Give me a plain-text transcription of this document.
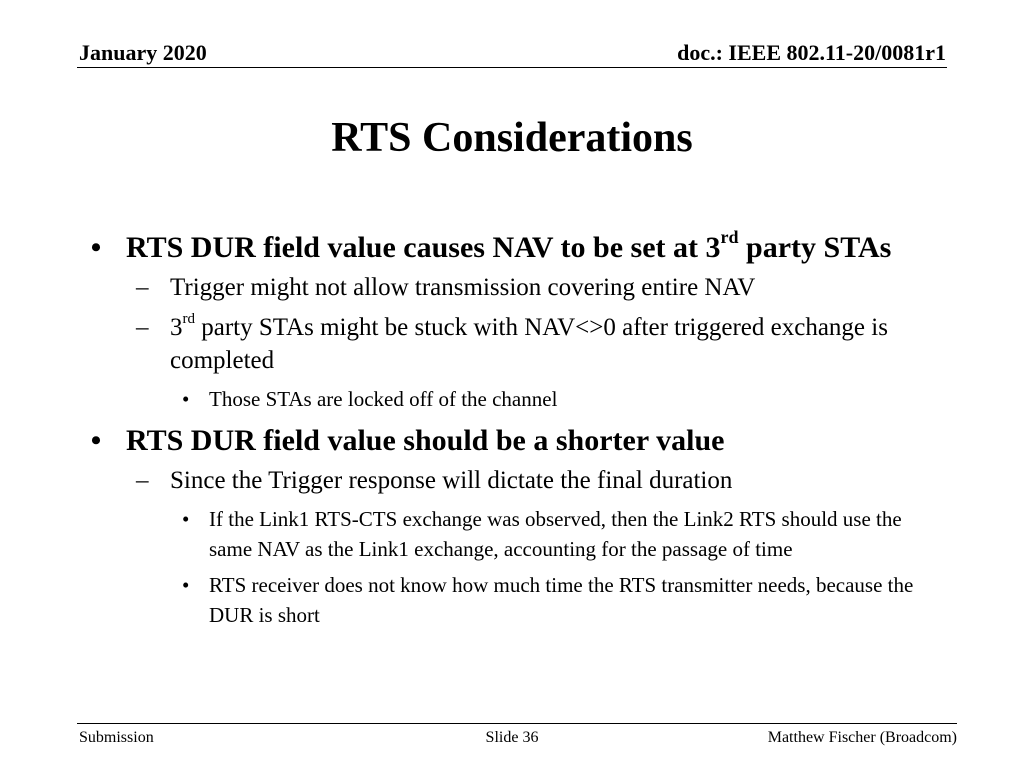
January 2020	doc.: IEEE 802.11-20/0081r1
RTS Considerations
• RTS DUR field value causes NAV to be set at 3rd party STAs
– Trigger might not allow transmission covering entire NAV
– 3rd party STAs might be stuck with NAV<>0 after triggered exchange is completed
• Those STAs are locked off of the channel
• RTS DUR field value should be a shorter value
– Since the Trigger response will dictate the final duration
• If the Link1 RTS-CTS exchange was observed, then the Link2 RTS should use the same NAV as the Link1 exchange, accounting for the passage of time
• RTS receiver does not know how much time the RTS transmitter needs, because the DUR is short
Submission	Slide 36	Matthew Fischer (Broadcom)
